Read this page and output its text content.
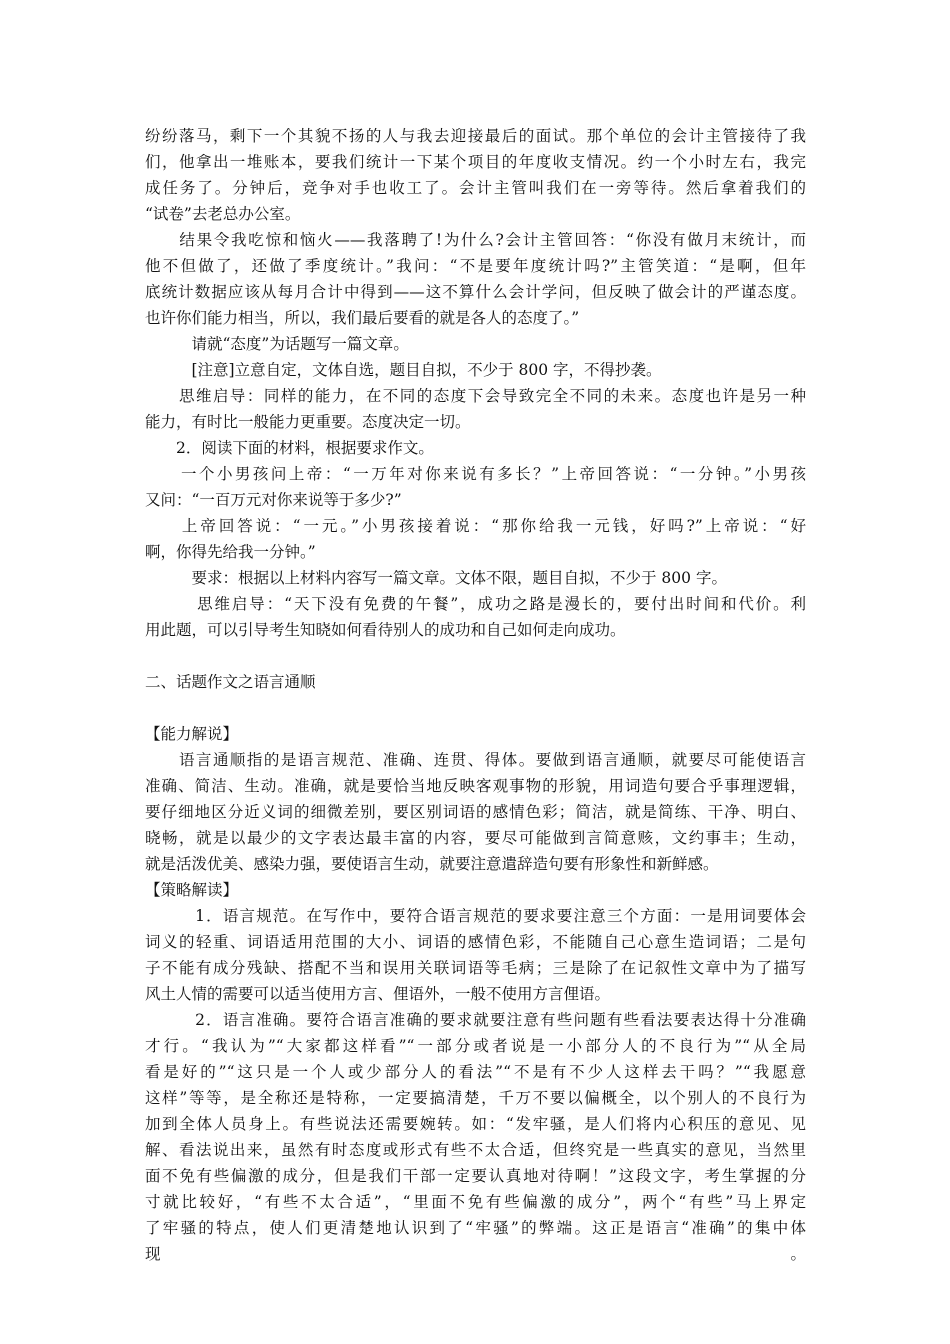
纷纷落马，剩下一个其貌不扬的人与我去迎接最后的面试。那个单位的会计主管接待了我

们，他拿出一堆账本，要我们统计一下某个项目的年度收支情况。约一个小时左右，我完

成任务了。分钟后，竞争对手也收工了。会计主管叫我们在一旁等待。然后拿着我们的

“试卷”去老总办公室。

　　结果令我吃惊和恼火——我落聘了!为什么?会计主管回答：“你没有做月末统计，而

他不但做了，还做了季度统计。”我问：“不是要年度统计吗?”主管笑道：“是啊，但年

底统计数据应该从每月合计中得到——这不算什么会计学问，但反映了做会计的严谨态度。

也许你们能力相当，所以，我们最后要看的就是各人的态度了。”

　　　请就“态度”为话题写一篇文章。

　　　[注意]立意自定，文体自选，题目自拟，不少于 800 字，不得抄袭。

　　思维启导：同样的能力，在不同的态度下会导致完全不同的未来。态度也许是另一种

能力，有时比一般能力更重要。态度决定一切。

　　2．阅读下面的材料，根据要求作文。

　　一个小男孩问上帝：“一万年对你来说有多长？”上帝回答说：“一分钟。”小男孩

又问：“一百万元对你来说等于多少?”

　　上帝回答说：“一元。”小男孩接着说：“那你给我一元钱，好吗?”上帝说：“好

啊，你得先给我一分钟。”

　　　要求：根据以上材料内容写一篇文章。文体不限，题目自拟，不少于 800 字。

　　　思维启导：“天下没有免费的午餐”，成功之路是漫长的，要付出时间和代价。利

用此题，可以引导考生知晓如何看待别人的成功和自己如何走向成功。

二、话题作文之语言通顺

【能力解说】

　　语言通顺指的是语言规范、准确、连贯、得体。要做到语言通顺，就要尽可能使语言

准确、简洁、生动。准确，就是要恰当地反映客观事物的形貌，用词造句要合乎事理逻辑，

要仔细地区分近义词的细微差别，要区别词语的感情色彩；简洁，就是简练、干净、明白、

晓畅，就是以最少的文字表达最丰富的内容，要尽可能做到言简意赅，文约事丰；生动，

就是活泼优美、感染力强，要使语言生动，就要注意遣辞造句要有形象性和新鲜感。

【策略解读】

　　　1．语言规范。在写作中，要符合语言规范的要求要注意三个方面：一是用词要体会

词义的轻重、词语适用范围的大小、词语的感情色彩，不能随自己心意生造词语；二是句

子不能有成分残缺、搭配不当和误用关联词语等毛病；三是除了在记叙性文章中为了描写

风土人情的需要可以适当使用方言、俚语外，一般不使用方言俚语。

　　　2．语言准确。要符合语言准确的要求就要注意有些问题有些看法要表达得十分准确

才行。“我认为”“大家都这样看”“一部分或者说是一小部分人的不良行为”“从全局

看是好的”“这只是一个人或少部分人的看法”“不是有不少人这样去干吗？”“我愿意

这样”等等，是全称还是特称，一定要搞清楚，千万不要以偏概全，以个别人的不良行为

加到全体人员身上。有些说法还需要婉转。如：“发牢骚，是人们将内心积压的意见、见

解、看法说出来，虽然有时态度或形式有些不太合适，但终究是一些真实的意见，当然里

面不免有些偏激的成分，但是我们干部一定要认真地对待啊！”这段文字，考生掌握的分

寸就比较好，“有些不太合适”，“里面不免有些偏激的成分”，两个“有些”马上界定

了牢骚的特点，使人们更清楚地认识到了“牢骚”的弊端。这正是语言“准确”的集中体

现。
